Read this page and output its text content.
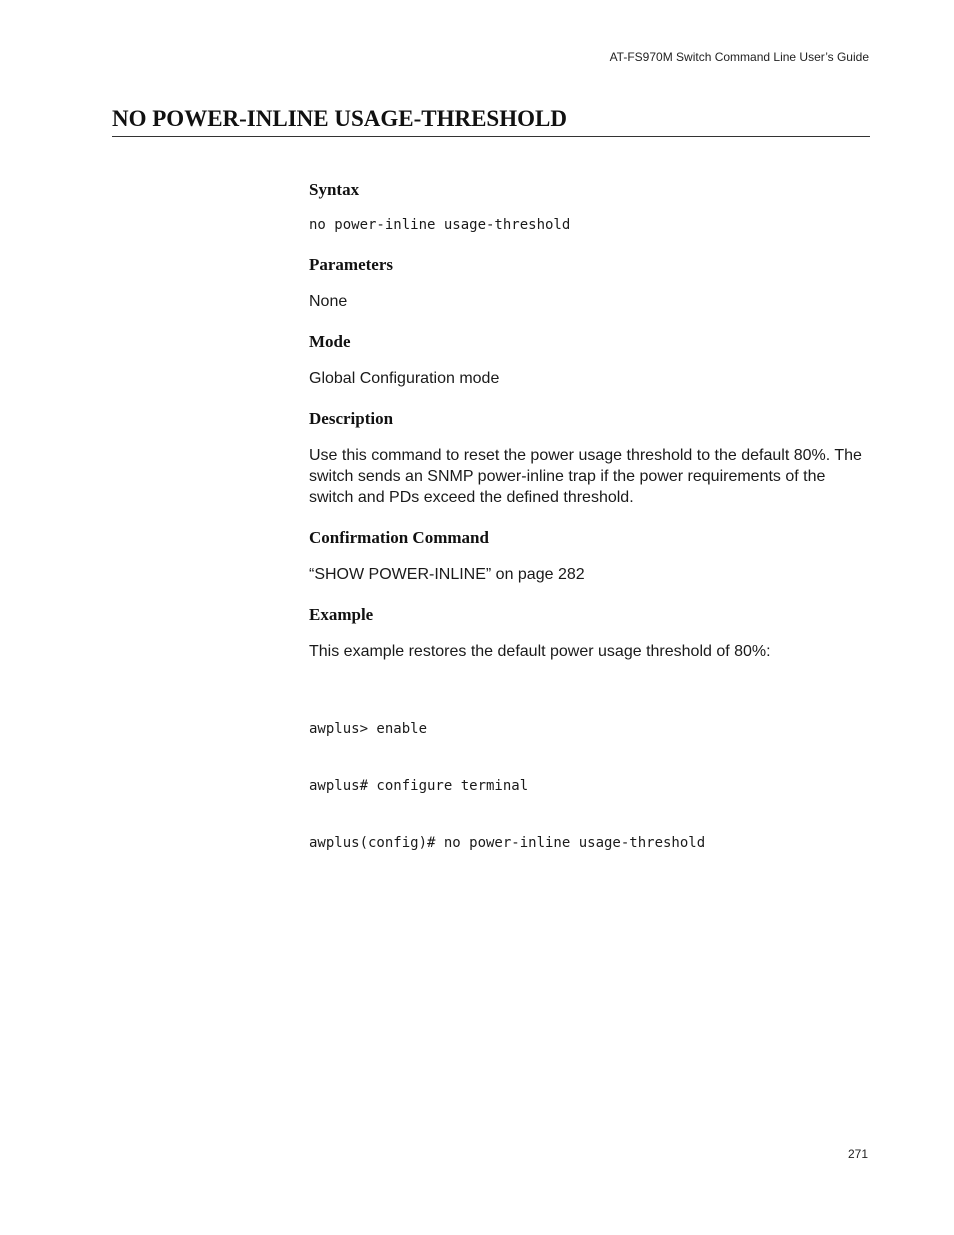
AT-FS970M Switch Command Line User’s Guide
NO POWER-INLINE USAGE-THRESHOLD
Syntax
no power-inline usage-threshold
Parameters

None

Mode

Global Configuration mode

Description

Use this command to reset the power usage threshold to the default 80%. The switch sends an SNMP power-inline trap if the power requirements of the switch and PDs exceed the defined threshold.

Confirmation Command

“SHOW POWER-INLINE” on page 282

Example

This example restores the default power usage threshold of 80%:

awplus> enable

awplus# configure terminal

awplus(config)# no power-inline usage-threshold

271
